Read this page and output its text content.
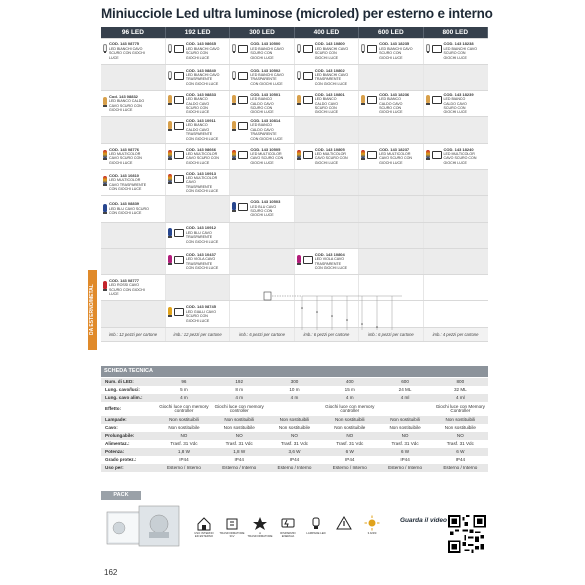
Miniucciole Led ultra luminose (microled) per esterno e interno
96 LED	192 LED	300 LED	400 LED	600 LED	800 LED

COD. 143 08775
LED BIANCHI CAVO SCURO CON GIOCHI LUCE	COD. 143 08665
LED BIANCHI CAVO SCURO CON GIOCHI LUCE	COD. 143 10500
LED BIANCHI CAVO SCURO CON GIOCHI LUCE	COD. 143 10800
LED BIANCHI CAVO SCURO CON GIOCHI LUCE	COD. 143 18235
LED BIANCHI CAVO SCURO CON GIOCHI LUCE	COD. 143 18238
LED BIANCHI CAVO SCURO CON GIOCHI LUCE

	COD. 143 08840
LED BIANCHI CAVO TRASPARENTE CON GIOCHI LUCE	COD. 143 10502
LED BIANCHI CAVO TRASPARENTE CON GIOCHI LUCE	COD. 143 10802
LED BIANCHI CAVO TRASPARENTE CON GIOCHI LUCE		

Cod. 143 08832
LED BIANCO CALDO CAVO SCURO CON GIOCHI LUCE	COD. 143 08833
LED BIANCO CALDO CAVO SCURO CON GIOCHI LUCE	COD. 143 10501
LED BIANCO CALDO CAVO SCURO CON GIOCHI LUCE	COD. 143 10801
LED BIANCO CALDO CAVO SCURO CON GIOCHI LUCE	COD. 143 18236
LED BIANCO CALDO CAVO SCURO CON GIOCHI LUCE	COD. 143 18239
LED BIANCO CALDO CAVO SCURO CON GIOCHI LUCE

	COD. 143 10911
LED BIANCO CALDO CAVO TRASPARENTE CON GIOCHI LUCE	COD. 143 10814
LED BIANCO CALDO CAVO TRASPARENTE CON GIOCHI LUCE			

COD. 143 08776
LED MULTICOLOR CAVO SCURO CON GIOCHI LUCE	COD. 143 08666
LED MULTICOLOR CAVO SCURO CON GIOCHI LUCE	COD. 143 10505
LED MULTICOLOR CAVO SCURO CON GIOCHI LUCE	COD. 143 10805
LED MULTICOLOR CAVO SCURO CON GIOCHI LUCE	COD. 143 18237
LED MULTICOLOR CAVO SCURO CON GIOCHI LUCE	COD. 143 18240
LED MULTICOLOR CAVO SCURO CON GIOCHI LUCE

COD. 143 10810
LED MULTICOLOR CAVO TRASPARENTE CON GIOCHI LUCE	COD. 143 10913
LED MULTICOLOR CAVO TRASPARENTE CON GIOCHI LUCE				

COD. 143 08839
LED BLU CAVO SCURO CON GIOCHI LUCE		COD. 143 10503
LED BLU CAVO SCURO CON GIOCHI LUCE			

	COD. 143 10912
LED BLU CAVO TRASPARENTE CON GIOCHI LUCE				

	COD. 143 10437
LED VIOLA CAVO TRASPARENTE CON GIOCHI LUCE		COD. 143 10804
LED VIOLA CAVO TRASPARENTE CON GIOCHI LUCE		

COD. 143 08777
LED ROSSI CAVO SCURO CON GIOCHI LUCE					

	COD. 143 08745
LED GIALLI CAVO SCURO CON GIOCHI LUCE				

imb.: 12 pezzi per cartone	imb.: 12 pezzi per cartone	imb.: 6 pezzi per cartone	imb.: 6 pezzi per cartone	imb.: 6 pezzi per cartone	imb.: 4 pezzi per cartone
DA ESTERNO/METAL
SCHEDA TECNICA
Num. di LED:	96	192	300	400	600	800
Lung. cavo/luci:	5 m	8 m	10 m	15 m	24 ML	32 ML
Lung. cavo alim.:	4 m	4 m	4 m	4 m	4 ml	4 ml
Effetto:	Giochi luce con memory controller	Giochi luce con memory controller		Giochi luce con memory controller		Giochi luce con Memory Controller
Lampade:	Non sostituibili	Non sostituibili	Non sostituibili	Non sostituibili	Non sostituibili	Non sostituibili
Cavo:	Non sostituibile	Non sostituibile	Non sostituibile	Non sostituibile	Non sostituibile	Non sostituibile
Prolungabile:	NO	NO	NO	NO	NO	NO
Alimentaz.:	Trasf. 31 Vdc	Trasf. 31 Vdc	Trasf. 31 Vdc	Trasf. 31 Vdc	Trasf. 31 Vdc	Trasf. 31 Vdc
Potenza:	1,8 W	1,8 W	3,6 W	6 W	6 W	6 W
Grado protez.:	IP44	IP44	IP44	IP44	IP44	IP44
Uso per:	Esterno / Interno	Esterno / Interno	Esterno / Interno	Esterno / Interno	Esterno / Interno	Esterno / Interno
PACK
USO INTERNO ED ESTERNO
TRASFORMATORE 31V
A TRASFORMATORE
RISPARMIO ENERGIA
LAMPADE LED	3 ANNI
Guarda il video
162
